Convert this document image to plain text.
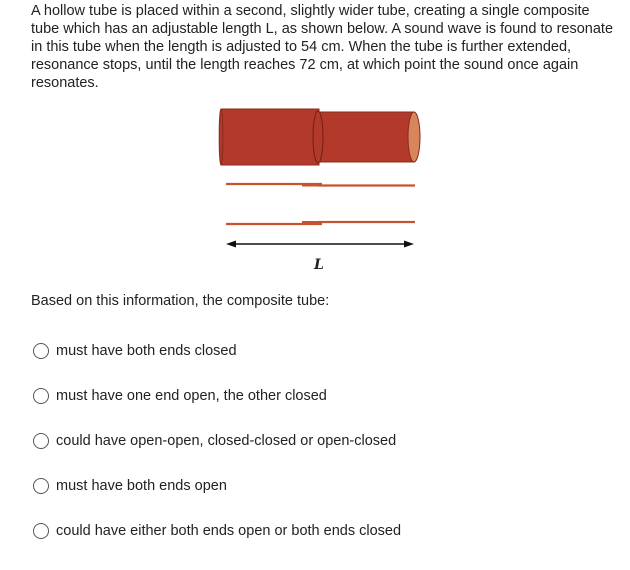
A hollow tube is placed within a second, slightly wider tube, creating a single composite tube which has an adjustable length L, as shown below. A sound wave is found to resonate in this tube when the length is adjusted to 54 cm. When the tube is further extended, resonance stops, until the length reaches 72 cm, at which point the sound once again resonates.

L

Based on this information, the composite tube:

must have both ends closed
must have one end open, the other closed
could have open-open, closed-closed or open-closed
must have both ends open
could have either both ends open or both ends closed
